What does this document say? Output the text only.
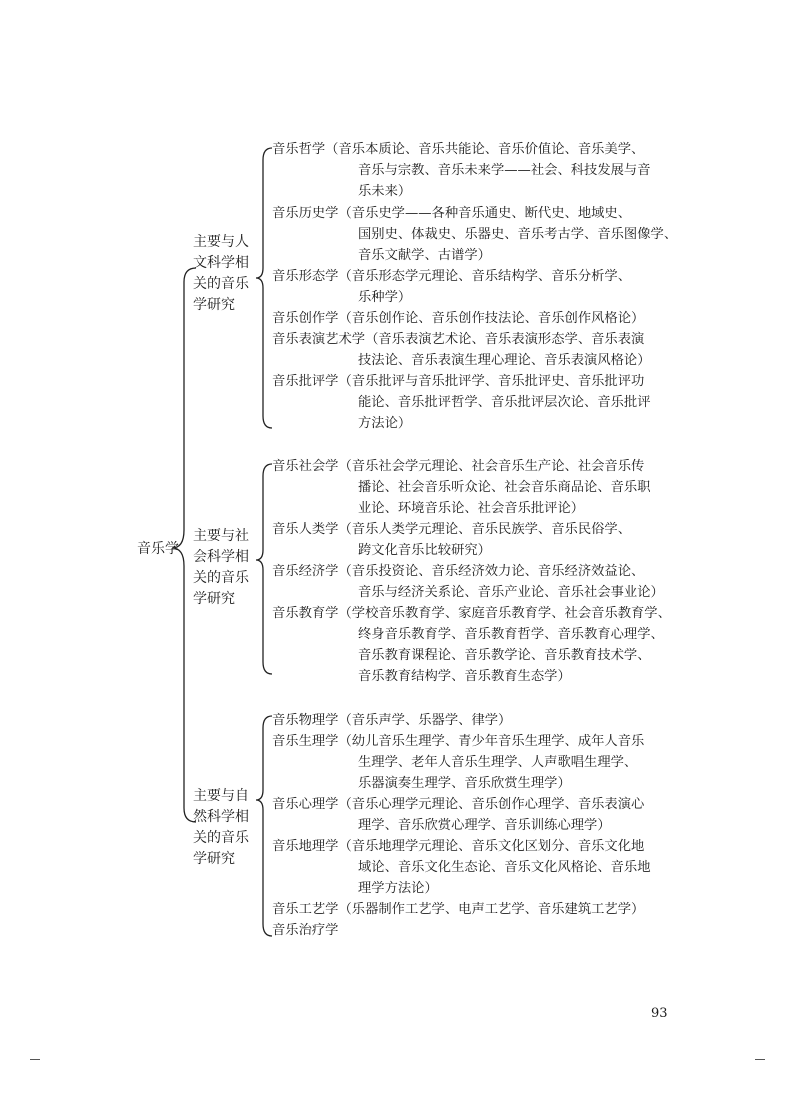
音乐学
主要与人
文科学相
关的音乐
学研究
音乐哲学（音乐本质论、音乐共能论、音乐价值论、音乐美学、
音乐与宗教、音乐未来学——社会、科技发展与音
乐未来）
音乐历史学（音乐史学——各种音乐通史、断代史、地域史、
国别史、体裁史、乐器史、音乐考古学、音乐图像学、
音乐文献学、古谱学）
音乐形态学（音乐形态学元理论、音乐结构学、音乐分析学、
乐种学）
音乐创作学（音乐创作论、音乐创作技法论、音乐创作风格论）
音乐表演艺术学（音乐表演艺术论、音乐表演形态学、音乐表演
技法论、音乐表演生理心理论、音乐表演风格论）
音乐批评学（音乐批评与音乐批评学、音乐批评史、音乐批评功
能论、音乐批评哲学、音乐批评层次论、音乐批评
方法论）
主要与社
会科学相
关的音乐
学研究
音乐社会学（音乐社会学元理论、社会音乐生产论、社会音乐传
播论、社会音乐听众论、社会音乐商品论、音乐职
业论、环境音乐论、社会音乐批评论）
音乐人类学（音乐人类学元理论、音乐民族学、音乐民俗学、
跨文化音乐比较研究）
音乐经济学（音乐投资论、音乐经济效力论、音乐经济效益论、
音乐与经济关系论、音乐产业论、音乐社会事业论）
音乐教育学（学校音乐教育学、家庭音乐教育学、社会音乐教育学、
终身音乐教育学、音乐教育哲学、音乐教育心理学、
音乐教育课程论、音乐教学论、音乐教育技术学、
音乐教育结构学、音乐教育生态学）
主要与自
然科学相
关的音乐
学研究
音乐物理学（音乐声学、乐器学、律学）
音乐生理学（幼儿音乐生理学、青少年音乐生理学、成年人音乐
生理学、老年人音乐生理学、人声歌唱生理学、
乐器演奏生理学、音乐欣赏生理学）
音乐心理学（音乐心理学元理论、音乐创作心理学、音乐表演心
理学、音乐欣赏心理学、音乐训练心理学）
音乐地理学（音乐地理学元理论、音乐文化区划分、音乐文化地
域论、音乐文化生态论、音乐文化风格论、音乐地
理学方法论）
音乐工艺学（乐器制作工艺学、电声工艺学、音乐建筑工艺学）
音乐治疗学
93
